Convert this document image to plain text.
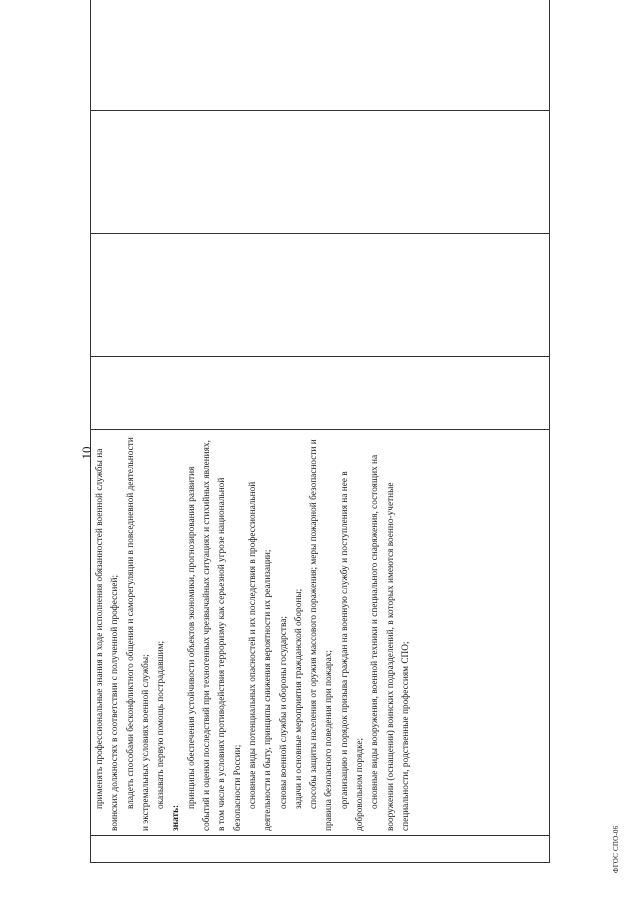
10

	применять профессиональные знания в ходе исполнения обязанностей военной службы на воинских должностях в соответствии с полученной профессией; владеть способами бесконфликтного общения и саморегуляции в повседневной деятельности и экстремальных условиях военной службы; оказывать первую помощь пострадавшим;

знать:

принципы обеспечения устойчивости объектов экономики, прогнозирования развития событий и оценки последствий при техногенных чрезвычайных ситуациях и стихийных явлениях, в том числе в условиях противодействия терроризму как серьезной угрозе национальной безопасности России; основные виды потенциальных опасностей и их последствия в профессиональной деятельности и быту, принципы снижения вероятности их реализации; основы военной службы и обороны государства; задачи и основные мероприятия гражданской обороны; способы защиты населения от оружия массового поражения; меры пожарной безопасности и правила безопасного поведения при пожарах; организацию и порядок призыва граждан на военную службу и поступления на нее в добровольном порядке; основные виды вооружения, военной техники и специального снаряжения, состоящих на вооружении (оснащении) воинских подразделений, в которых имеются военно-учетные специальности, родственные профессиям СПО;

ФГОС СПО-06
